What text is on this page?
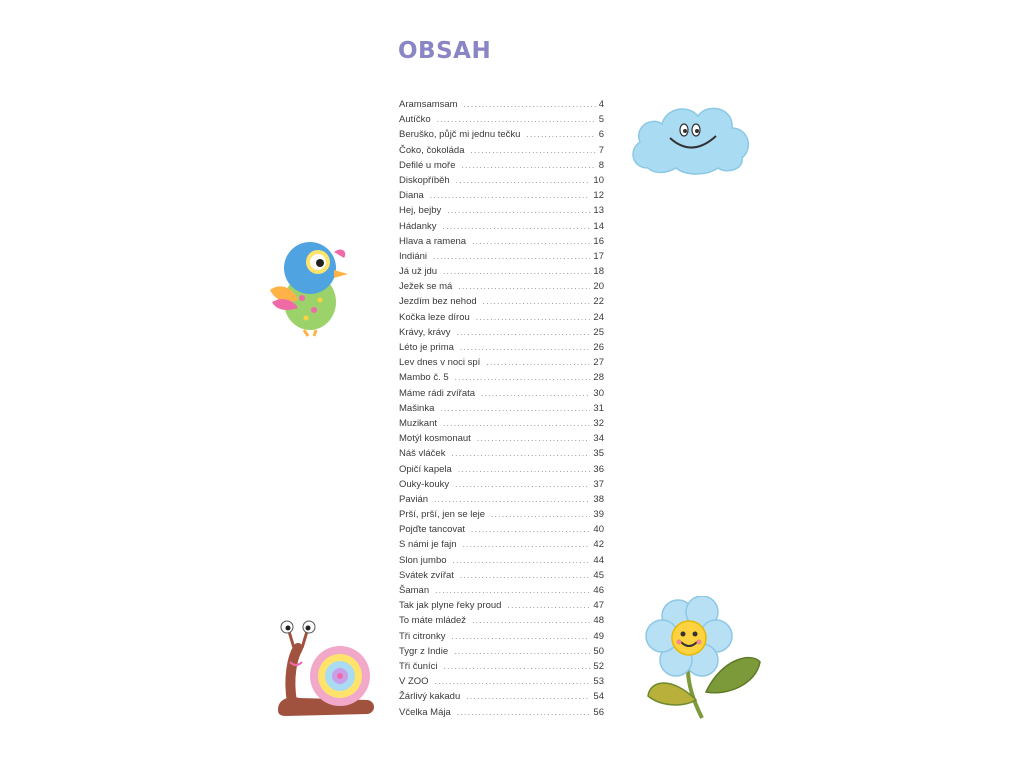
OBSAH
Aramsamsam .....	4
Autíčko .....	5
Beruško, půjč mi jednu tečku .....	6
Čoko, čokoláda .....	7
Defilé u moře .....	8
Diskopříběh .....	10
Diana .....	12
Hej, bejby .....	13
Hádanky .....	14
Hlava a ramena .....	16
Indiáni .....	17
Já už jdu .....	18
Ježek se má .....	20
Jezdím bez nehod .....	22
Kočka leze dírou .....	24
Krávy, krávy .....	25
Léto je prima .....	26
Lev dnes v noci spí .....	27
Mambo č. 5 .....	28
Máme rádi zvířata .....	30
Mašinka .....	31
Muzikant .....	32
Motýl kosmonaut .....	34
Náš vláček .....	35
Opičí kapela .....	36
Ouky-kouky .....	37
Pavián .....	38
Prší, prší, jen se leje .....	39
Pojďte tancovat .....	40
S námi je fajn .....	42
Slon jumbo .....	44
Svátek zvířat .....	45
Šaman .....	46
Tak jak plyne řeky proud .....	47
To máte mládež .....	48
Tři citronky .....	49
Tygr z Indie .....	50
Tři čuníci .....	52
V ZOO .....	53
Žárlivý kakadu .....	54
Včelka Mája .....	56
